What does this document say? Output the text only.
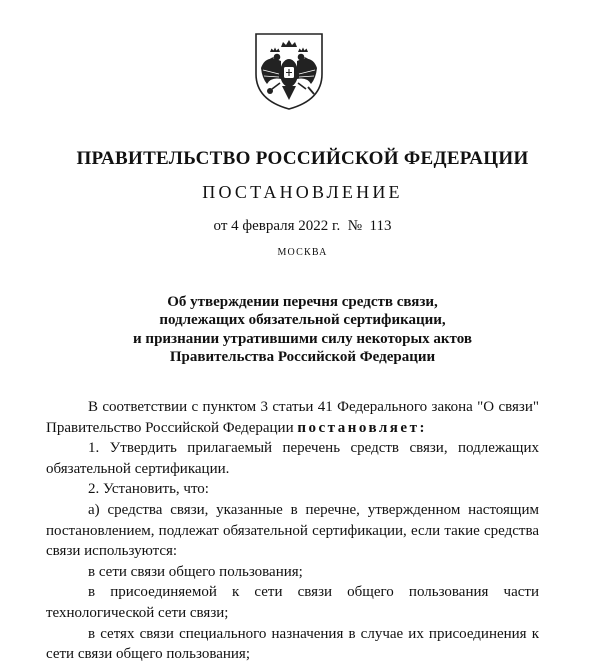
ПРАВИТЕЛЬСТВО РОССИЙСКОЙ ФЕДЕРАЦИИ
ПОСТАНОВЛЕНИЕ
от 4 февраля 2022 г.  №  113
МОСКВА
Об утверждении перечня средств связи,
подлежащих обязательной сертификации,
и признании утратившими силу некоторых актов
Правительства Российской Федерации

В соответствии с пунктом 3 статьи 41 Федерального закона "О связи" Правительство Российской Федерации постановляет:

1. Утвердить прилагаемый перечень средств связи, подлежащих обязательной сертификации.

2. Установить, что:

а) средства связи, указанные в перечне, утвержденном настоящим постановлением, подлежат обязательной сертификации, если такие средства связи используются:

в сети связи общего пользования;

в присоединяемой к сети связи общего пользования части технологической сети связи;

в сетях связи специального назначения в случае их присоединения к сети связи общего пользования;
